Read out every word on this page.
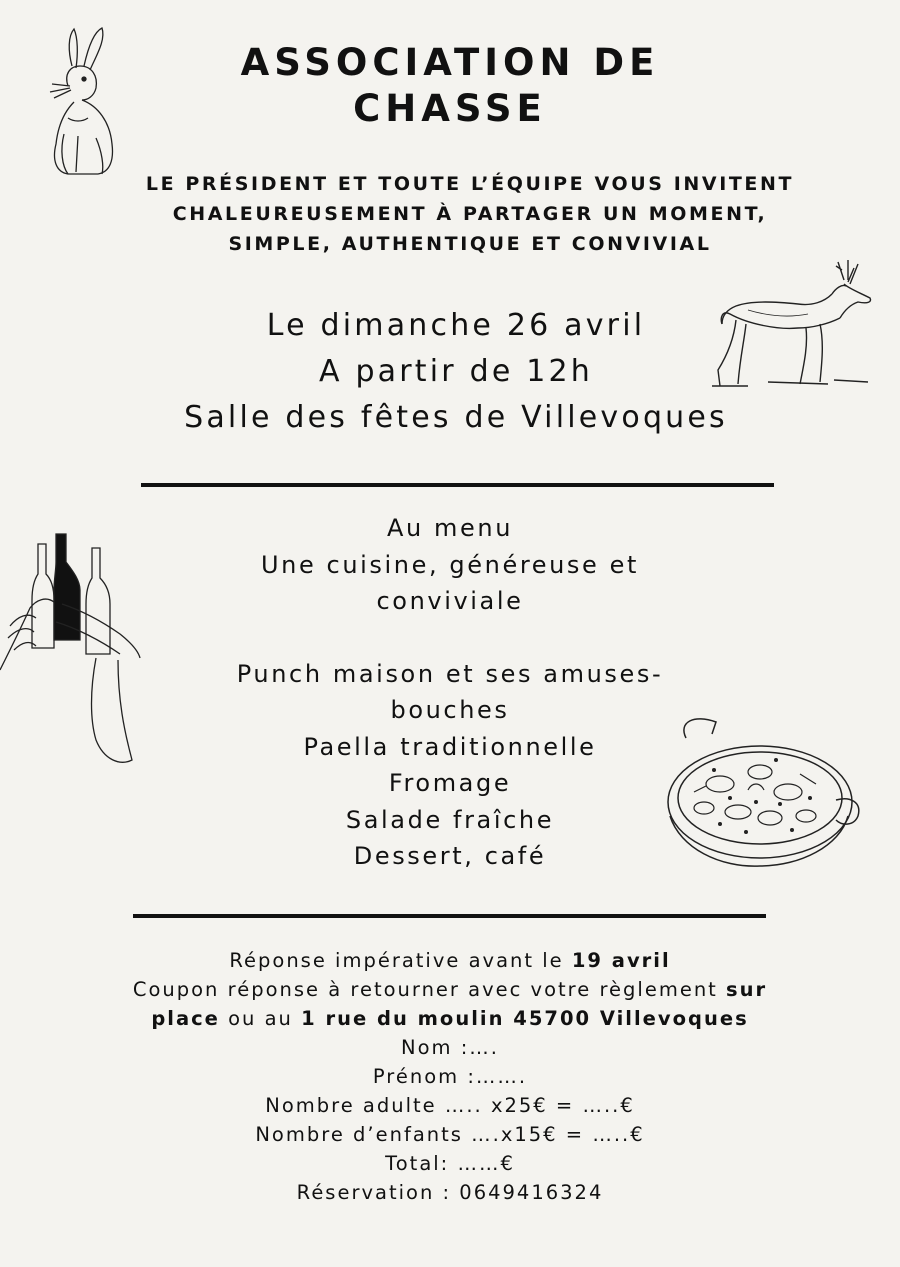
ASSOCIATION DE
CHASSE
LE PRÉSIDENT ET TOUTE L’ÉQUIPE VOUS INVITENT
CHALEUREUSEMENT À PARTAGER UN MOMENT,
SIMPLE, AUTHENTIQUE ET CONVIVIAL
Le dimanche 26 avril
A partir de 12h
Salle des fêtes de Villevoques
Au menu
Une cuisine, généreuse et
conviviale
Punch maison et ses amuses-
bouches
Paella traditionnelle
Fromage
Salade fraîche
Dessert, café
Réponse impérative avant le 19 avril
Coupon réponse à retourner avec votre règlement sur
place ou au 1 rue du moulin 45700 Villevoques
Nom :….
Prénom :…….
Nombre adulte ….. x25€ = …..€
Nombre d’enfants ….x15€ = …..€
Total: ……€
Réservation : 0649416324
